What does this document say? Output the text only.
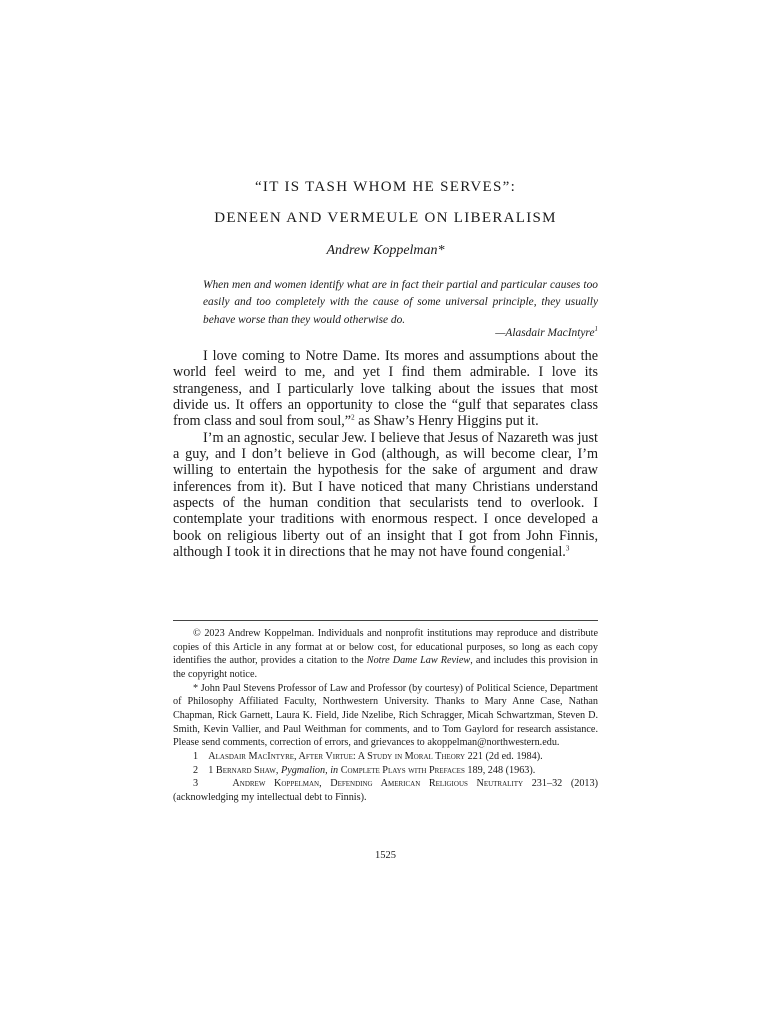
“IT IS TASH WHOM HE SERVES”:
DENEEN AND VERMEULE ON LIBERALISM
Andrew Koppelman*
When men and women identify what are in fact their partial and particular causes too easily and too completely with the cause of some universal principle, they usually behave worse than they would otherwise do.
—Alasdair MacIntyre$^1$

I love coming to Notre Dame. Its mores and assumptions about the world feel weird to me, and yet I find them admirable. I love its strangeness, and I particularly love talking about the issues that most divide us. It offers an opportunity to close the “gulf that separates class from class and soul from soul,”$^2$ as Shaw’s Henry Higgins put it.

I’m an agnostic, secular Jew. I believe that Jesus of Nazareth was just a guy, and I don’t believe in God (although, as will become clear, I’m willing to entertain the hypothesis for the sake of argument and draw inferences from it). But I have noticed that many Christians understand aspects of the human condition that secularists tend to overlook. I contemplate your traditions with enormous respect. I once developed a book on religious liberty out of an insight that I got from John Finnis, although I took it in directions that he may not have found congenial.$^3$

© 2023 Andrew Koppelman. Individuals and nonprofit institutions may reproduce and distribute copies of this Article in any format at or below cost, for educational purposes, so long as each copy identifies the author, provides a citation to the Notre Dame Law Review, and includes this provision in the copyright notice.

* John Paul Stevens Professor of Law and Professor (by courtesy) of Political Science, Department of Philosophy Affiliated Faculty, Northwestern University. Thanks to Mary Anne Case, Nathan Chapman, Rick Garnett, Laura K. Field, Jide Nzelibe, Rich Schragger, Micah Schwartzman, Steven D. Smith, Kevin Vallier, and Paul Weithman for comments, and to Tom Gaylord for research assistance. Please send comments, correction of errors, and grievances to akoppelman@northwestern.edu.

1 Alasdair MacIntyre, After Virtue: A Study in Moral Theory 221 (2d ed. 1984).

2 1 Bernard Shaw, Pygmalion, in Complete Plays with Prefaces 189, 248 (1963).

3	Andrew Koppelman, Defending American Religious Neutrality 231–32 (2013) (acknowledging my intellectual debt to Finnis).

1525
